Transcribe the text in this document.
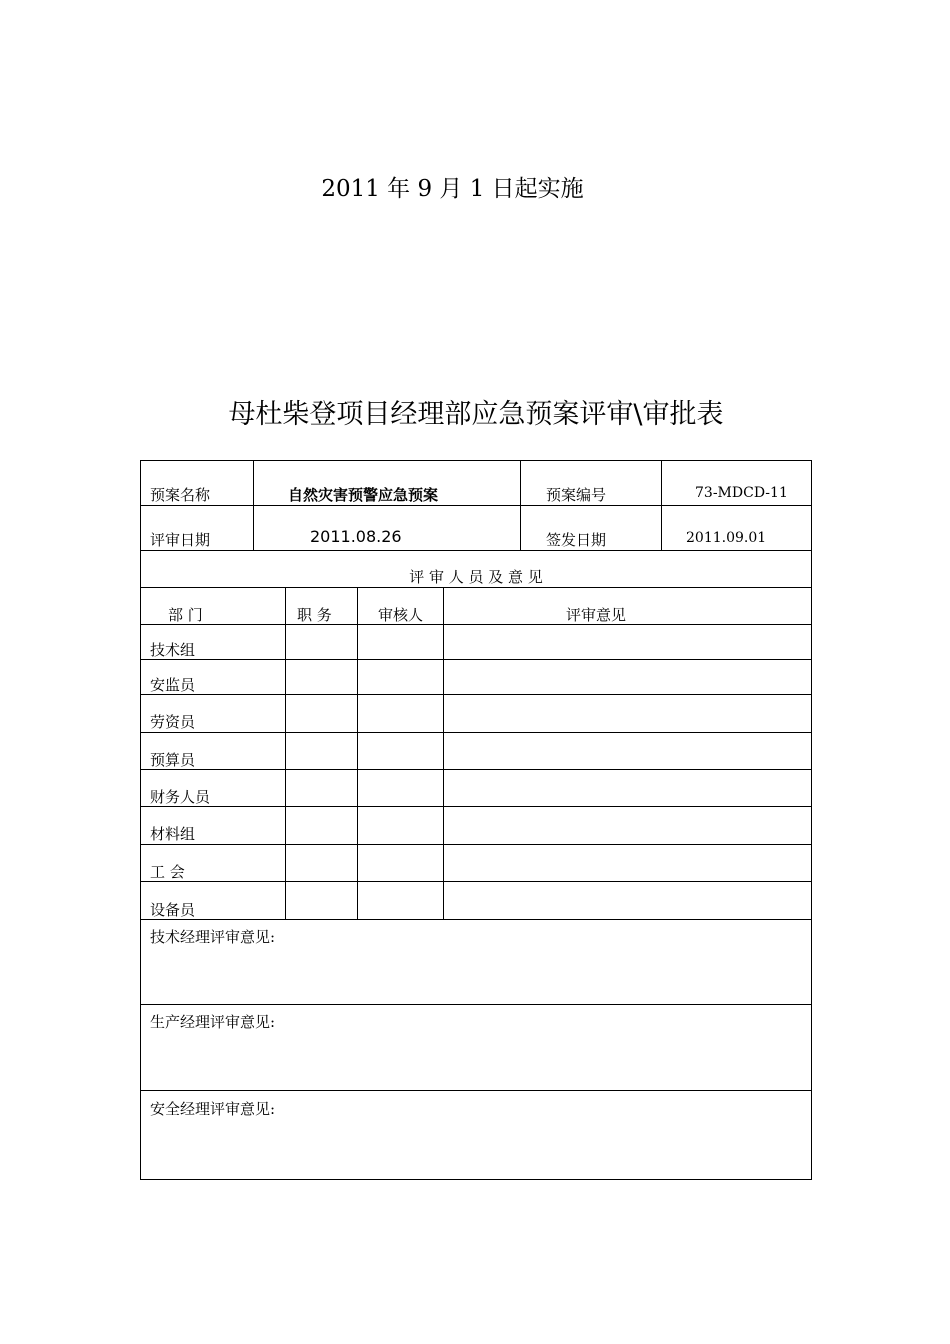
2011 年 9 月 1 日起实施
母杜柴登项目经理部应急预案评审\审批表
预案名称	自然灾害预警应急预案	预案编号	73-MDCD-11
评审日期	2011.08.26	签发日期	2011.09.01
评 审 人 员 及 意 见
部 门	职 务	审核人	评审意见
技术组
安监员
劳资员
预算员
财务人员
材料组
工 会
设备员
技术经理评审意见:
生产经理评审意见:
安全经理评审意见:
